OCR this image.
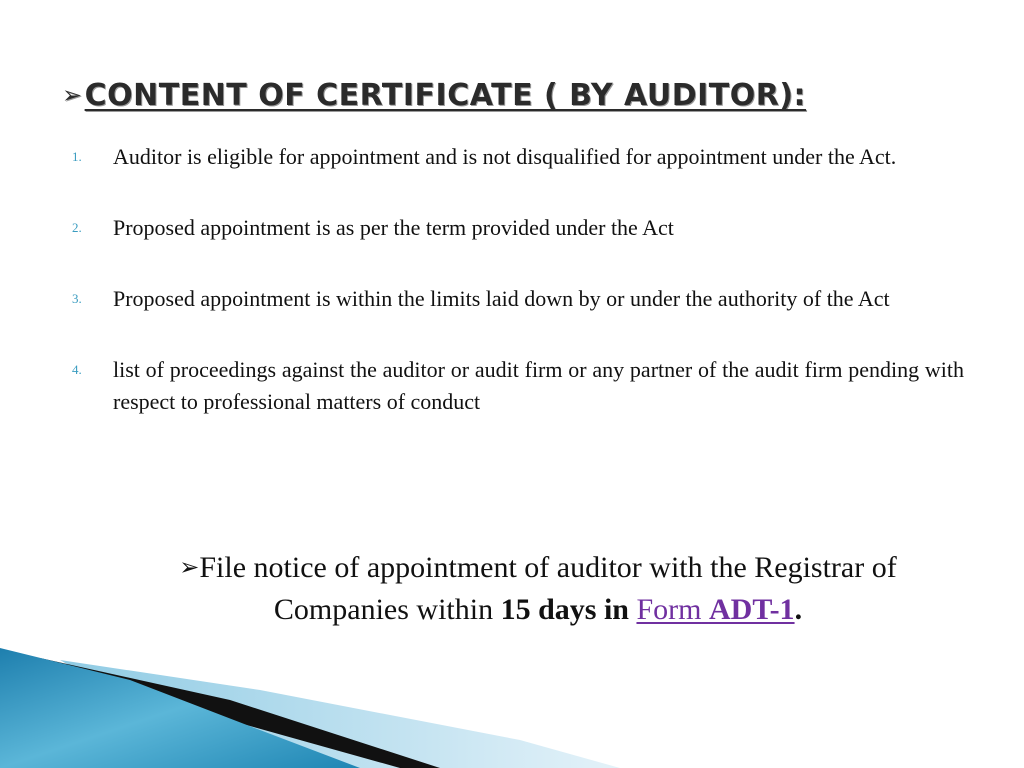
➢CONTENT OF CERTIFICATE ( BY AUDITOR):
1.	Auditor is eligible for appointment and is not disqualified for appointment under the Act.
2.	Proposed appointment is as per the term provided under the Act
3.	Proposed appointment is within the limits laid down by or under the authority of the Act
4.	list of proceedings against the auditor or audit firm or any partner of the audit firm pending with respect to professional matters of conduct
➢File notice of appointment of auditor with the Registrar of Companies within 15 days in Form ADT-1.
